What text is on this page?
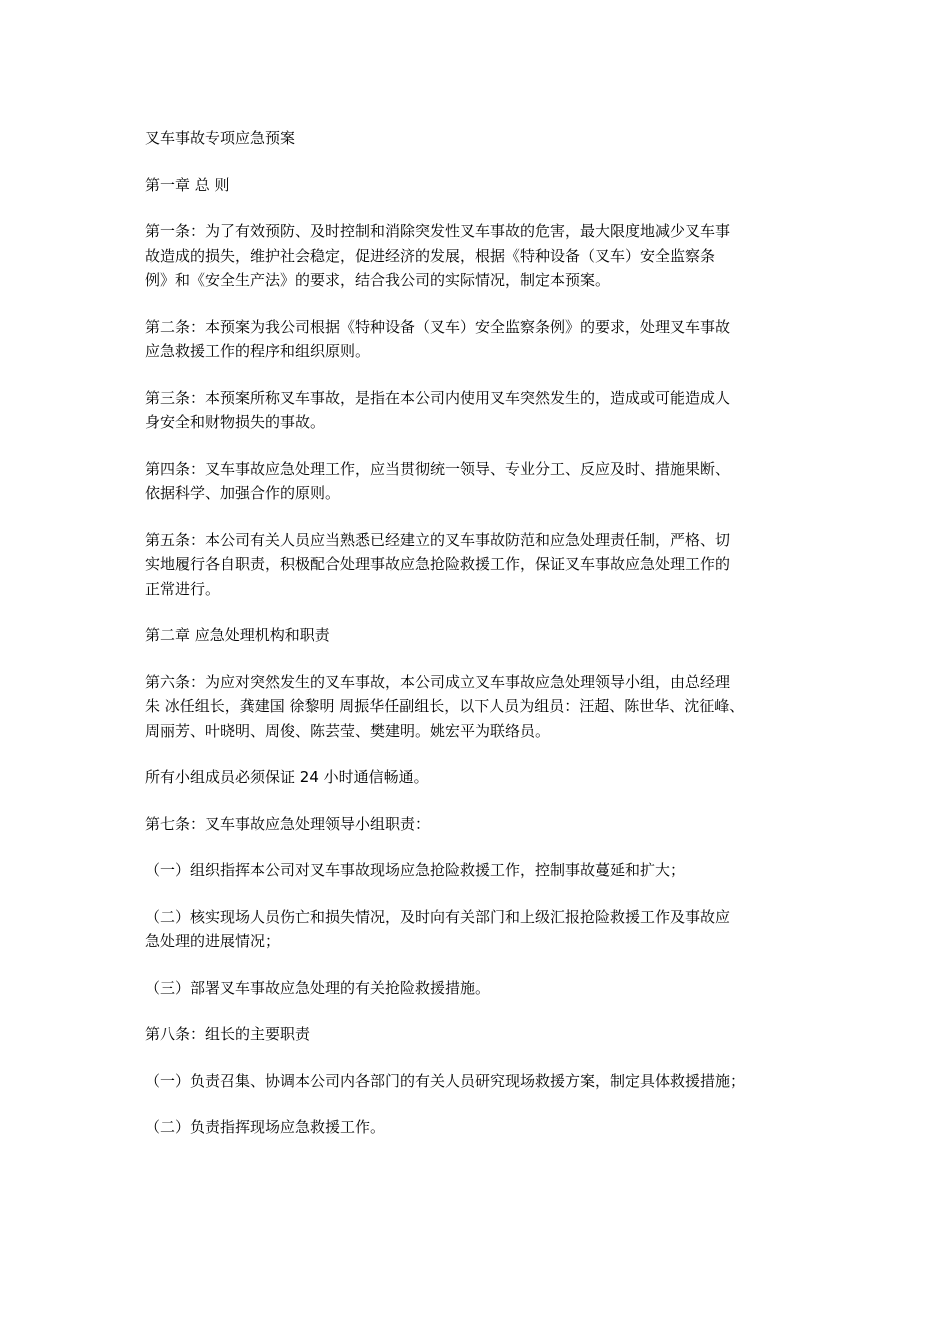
叉车事故专项应急预案

第一章 总 则

第一条：为了有效预防、及时控制和消除突发性叉车事故的危害，最大限度地减少叉车事
故造成的损失，维护社会稳定，促进经济的发展，根据《特种设备（叉车）安全监察条
例》和《安全生产法》的要求，结合我公司的实际情况，制定本预案。

第二条：本预案为我公司根据《特种设备（叉车）安全监察条例》的要求，处理叉车事故
应急救援工作的程序和组织原则。

第三条：本预案所称叉车事故，是指在本公司内使用叉车突然发生的，造成或可能造成人
身安全和财物损失的事故。

第四条：叉车事故应急处理工作，应当贯彻统一领导、专业分工、反应及时、措施果断、
依据科学、加强合作的原则。

第五条：本公司有关人员应当熟悉已经建立的叉车事故防范和应急处理责任制，严格、切
实地履行各自职责，积极配合处理事故应急抢险救援工作，保证叉车事故应急处理工作的
正常进行。

第二章 应急处理机构和职责

第六条：为应对突然发生的叉车事故，本公司成立叉车事故应急处理领导小组，由总经理
朱 冰任组长，龚建国 徐黎明 周振华任副组长，以下人员为组员：汪超、陈世华、沈征峰、
周丽芳、叶晓明、周俊、陈芸莹、樊建明。姚宏平为联络员。

所有小组成员必须保证 24 小时通信畅通。

第七条：叉车事故应急处理领导小组职责：

（一）组织指挥本公司对叉车事故现场应急抢险救援工作，控制事故蔓延和扩大；

（二）核实现场人员伤亡和损失情况，及时向有关部门和上级汇报抢险救援工作及事故应
急处理的进展情况；

（三）部署叉车事故应急处理的有关抢险救援措施。

第八条：组长的主要职责

（一）负责召集、协调本公司内各部门的有关人员研究现场救援方案，制定具体救援措施；

（二）负责指挥现场应急救援工作。
